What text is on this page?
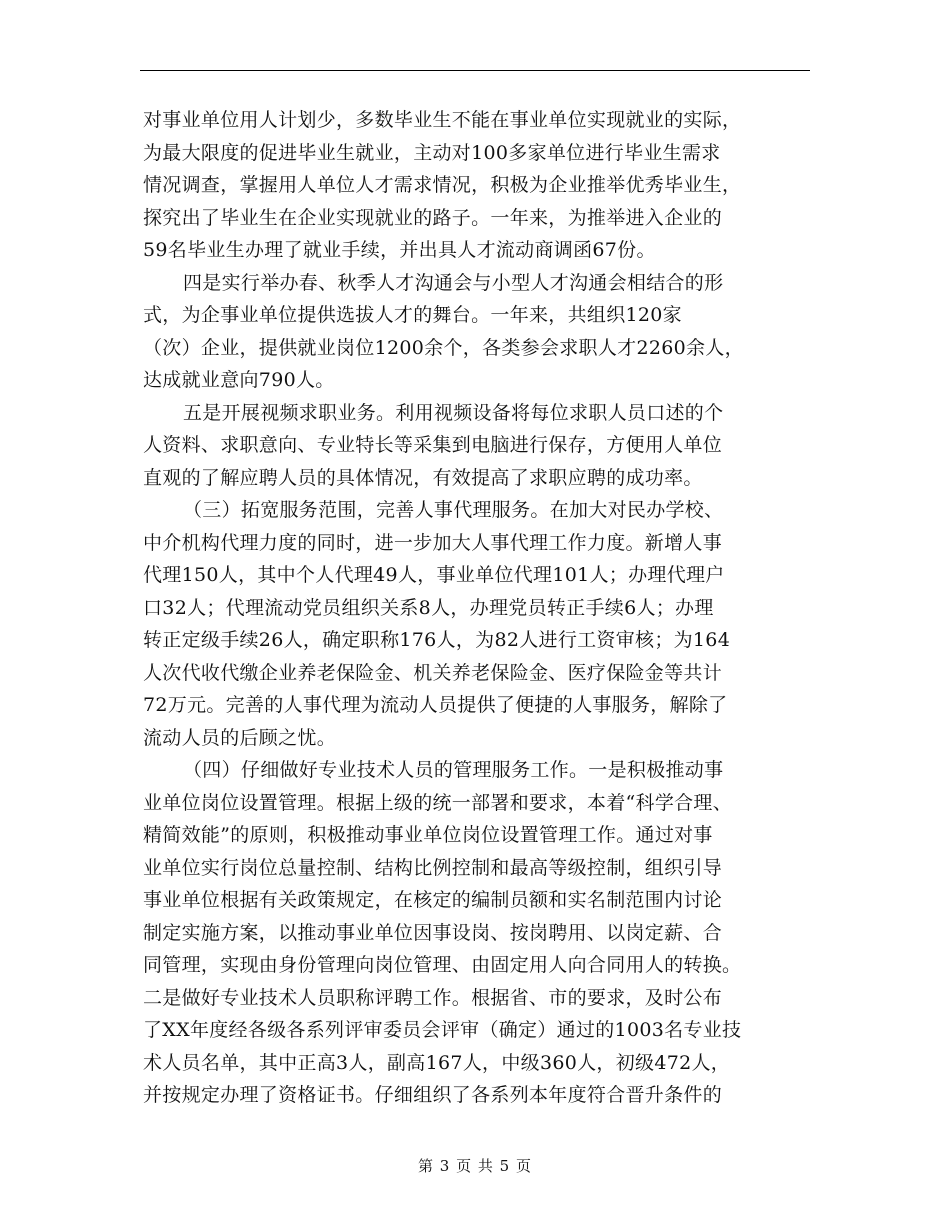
对事业单位用人计划少，多数毕业生不能在事业单位实现就业的实际，
为最大限度的促进毕业生就业，主动对100多家单位进行毕业生需求
情况调查，掌握用人单位人才需求情况，积极为企业推举优秀毕业生，
探究出了毕业生在企业实现就业的路子。一年来，为推举进入企业的
59名毕业生办理了就业手续，并出具人才流动商调函67份。
四是实行举办春、秋季人才沟通会与小型人才沟通会相结合的形
式，为企事业单位提供选拔人才的舞台。一年来，共组织120家
（次）企业，提供就业岗位1200余个，各类参会求职人才2260余人，
达成就业意向790人。
五是开展视频求职业务。利用视频设备将每位求职人员口述的个
人资料、求职意向、专业特长等采集到电脑进行保存，方便用人单位
直观的了解应聘人员的具体情况，有效提高了求职应聘的成功率。
（三）拓宽服务范围，完善人事代理服务。在加大对民办学校、
中介机构代理力度的同时，进一步加大人事代理工作力度。新增人事
代理150人，其中个人代理49人，事业单位代理101人；办理代理户
口32人；代理流动党员组织关系8人，办理党员转正手续6人；办理
转正定级手续26人，确定职称176人，为82人进行工资审核；为164
人次代收代缴企业养老保险金、机关养老保险金、医疗保险金等共计
72万元。完善的人事代理为流动人员提供了便捷的人事服务，解除了
流动人员的后顾之忧。
（四）仔细做好专业技术人员的管理服务工作。一是积极推动事
业单位岗位设置管理。根据上级的统一部署和要求，本着“科学合理、
精简效能”的原则，积极推动事业单位岗位设置管理工作。通过对事
业单位实行岗位总量控制、结构比例控制和最高等级控制，组织引导
事业单位根据有关政策规定，在核定的编制员额和实名制范围内讨论
制定实施方案，以推动事业单位因事设岗、按岗聘用、以岗定薪、合
同管理，实现由身份管理向岗位管理、由固定用人向合同用人的转换。
二是做好专业技术人员职称评聘工作。根据省、市的要求，及时公布
了XX年度经各级各系列评审委员会评审（确定）通过的1003名专业技
术人员名单，其中正高3人，副高167人，中级360人，初级472人，
并按规定办理了资格证书。仔细组织了各系列本年度符合晋升条件的
第 3 页 共 5 页
